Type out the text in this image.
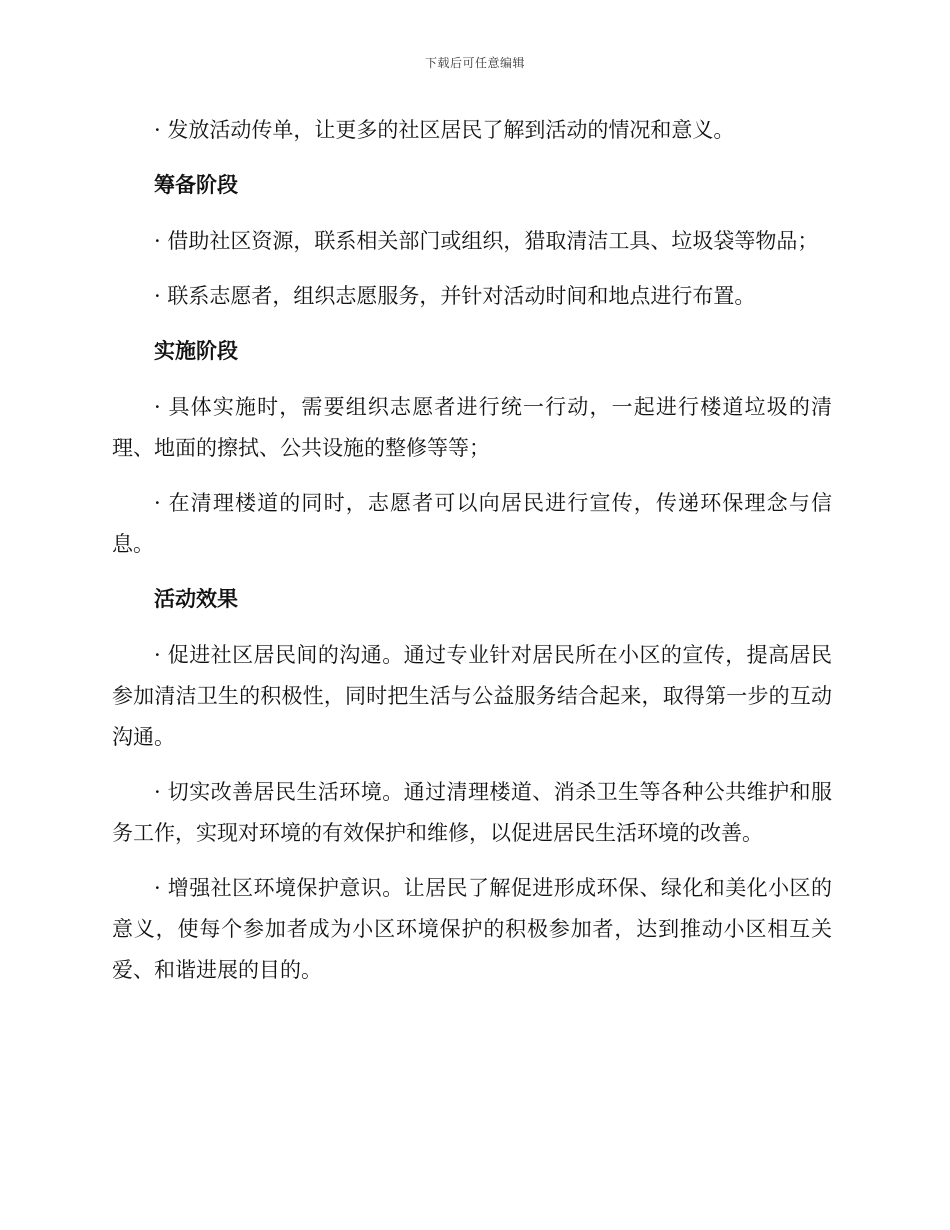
下载后可任意编辑

· 发放活动传单，让更多的社区居民了解到活动的情况和意义。

筹备阶段

· 借助社区资源，联系相关部门或组织，猎取清洁工具、垃圾袋等物品；

· 联系志愿者，组织志愿服务，并针对活动时间和地点进行布置。

实施阶段

· 具体实施时，需要组织志愿者进行统一行动，一起进行楼道垃圾的清理、地面的擦拭、公共设施的整修等等；

· 在清理楼道的同时，志愿者可以向居民进行宣传，传递环保理念与信息。

活动效果

· 促进社区居民间的沟通。通过专业针对居民所在小区的宣传，提高居民参加清洁卫生的积极性，同时把生活与公益服务结合起来，取得第一步的互动沟通。

· 切实改善居民生活环境。通过清理楼道、消杀卫生等各种公共维护和服务工作，实现对环境的有效保护和维修，以促进居民生活环境的改善。

· 增强社区环境保护意识。让居民了解促进形成环保、绿化和美化小区的意义，使每个参加者成为小区环境保护的积极参加者，达到推动小区相互关爱、和谐进展的目的。
